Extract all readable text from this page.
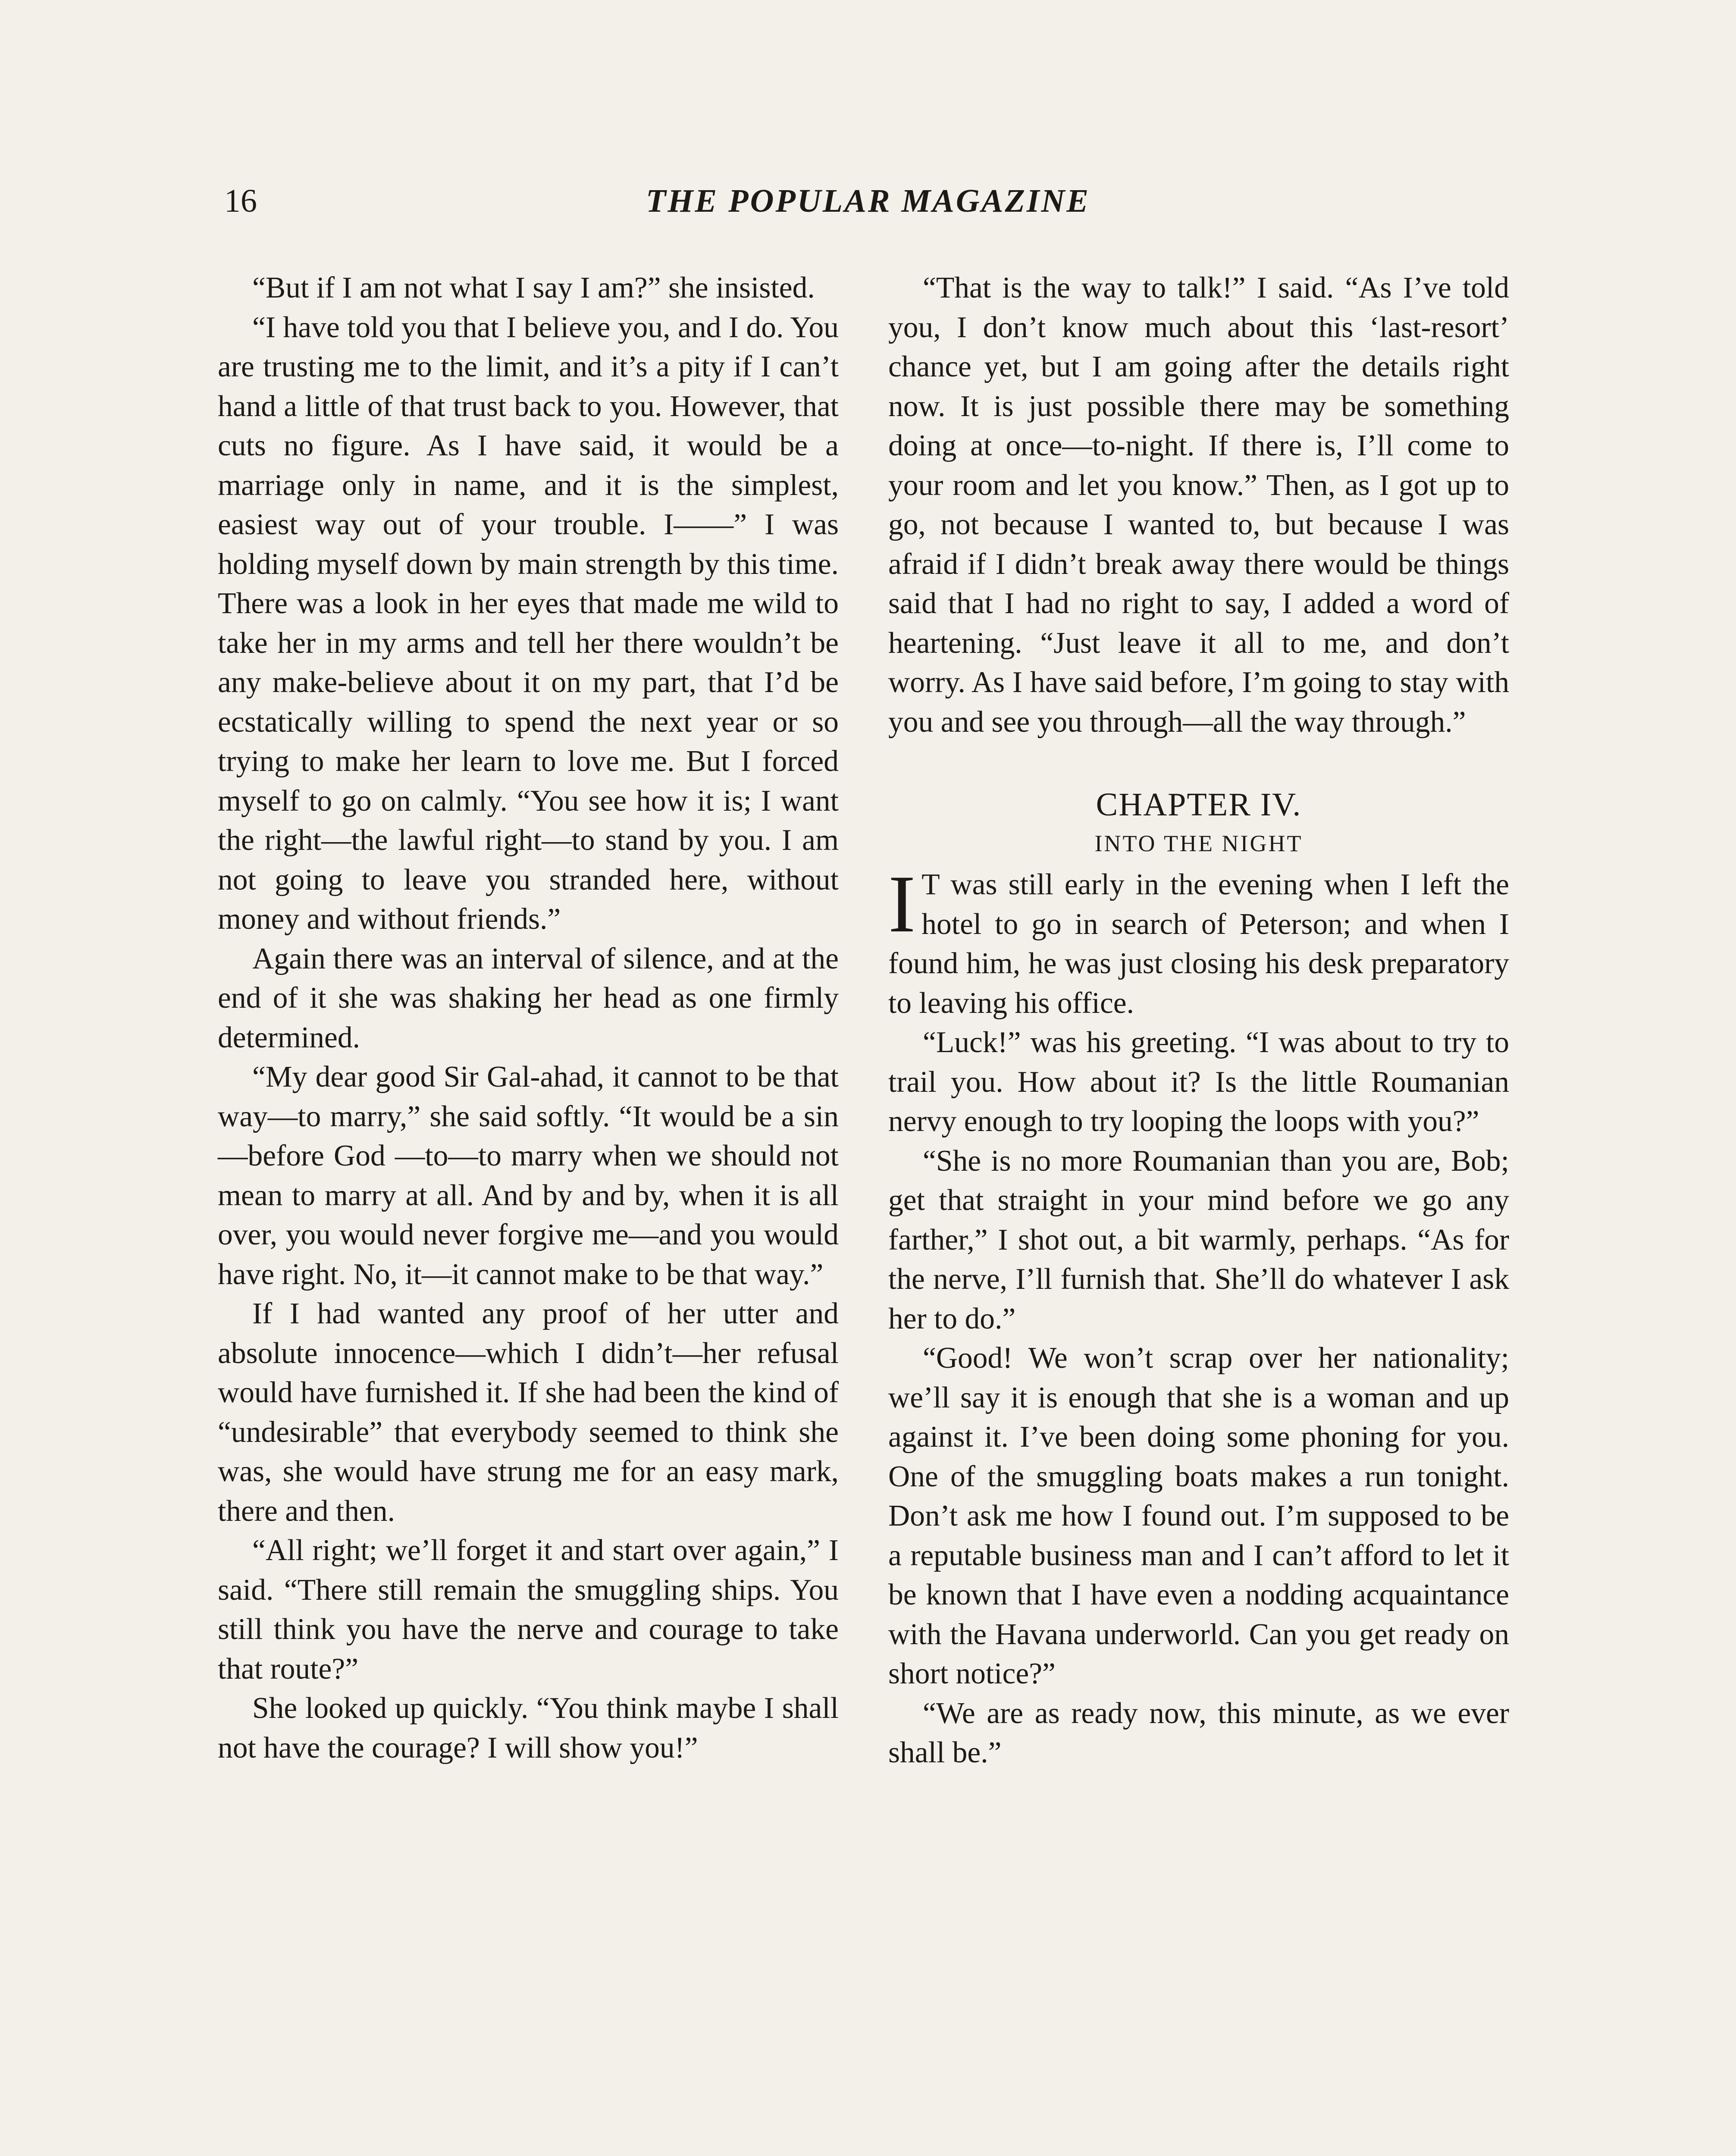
16	THE POPULAR MAGAZINE

“But if I am not what I say I am?” she insisted.

“I have told you that I believe you, and I do. You are trusting me to the limit, and it’s a pity if I can’t hand a little of that trust back to you. However, that cuts no figure. As I have said, it would be a marriage only in name, and it is the simplest, easiest way out of your trouble. I——” I was holding myself down by main strength by this time. There was a look in her eyes that made me wild to take her in my arms and tell her there wouldn’t be any make-believe about it on my part, that I’d be ecstatically willing to spend the next year or so trying to make her learn to love me. But I forced myself to go on calmly. “You see how it is; I want the right—the lawful right—to stand by you. I am not going to leave you stranded here, without money and without friends.”

Again there was an interval of silence, and at the end of it she was shaking her head as one firmly determined.

“My dear good Sir Gal-ahad, it cannot to be that way—to marry,” she said softly. “It would be a sin—before God —to—to marry when we should not mean to marry at all. And by and by, when it is all over, you would never forgive me—and you would have right. No, it—it cannot make to be that way.”

If I had wanted any proof of her utter and absolute innocence—which I didn’t—her refusal would have furnished it. If she had been the kind of “undesirable” that everybody seemed to think she was, she would have strung me for an easy mark, there and then.

“All right; we’ll forget it and start over again,” I said. “There still remain the smuggling ships. You still think you have the nerve and courage to take that route?”

She looked up quickly. “You think maybe I shall not have the courage? I will show you!”

“That is the way to talk!” I said. “As I’ve told you, I don’t know much about this ‘last-resort’ chance yet, but I am going after the details right now. It is just possible there may be something doing at once—to-night. If there is, I’ll come to your room and let you know.” Then, as I got up to go, not because I wanted to, but because I was afraid if I didn’t break away there would be things said that I had no right to say, I added a word of heartening. “Just leave it all to me, and don’t worry. As I have said before, I’m going to stay with you and see you through—all the way through.”

CHAPTER IV.
INTO THE NIGHT

I T was still early in the evening when I left the hotel to go in search of Peterson; and when I found him, he was just closing his desk preparatory to leaving his office.

“Luck!” was his greeting. “I was about to try to trail you. How about it? Is the little Roumanian nervy enough to try looping the loops with you?”

“She is no more Roumanian than you are, Bob; get that straight in your mind before we go any farther,” I shot out, a bit warmly, perhaps. “As for the nerve, I’ll furnish that. She’ll do whatever I ask her to do.”

“Good! We won’t scrap over her nationality; we’ll say it is enough that she is a woman and up against it. I’ve been doing some phoning for you. One of the smuggling boats makes a run tonight. Don’t ask me how I found out. I’m supposed to be a reputable business man and I can’t afford to let it be known that I have even a nodding acquaintance with the Havana underworld. Can you get ready on short notice?”

“We are as ready now, this minute, as we ever shall be.”
